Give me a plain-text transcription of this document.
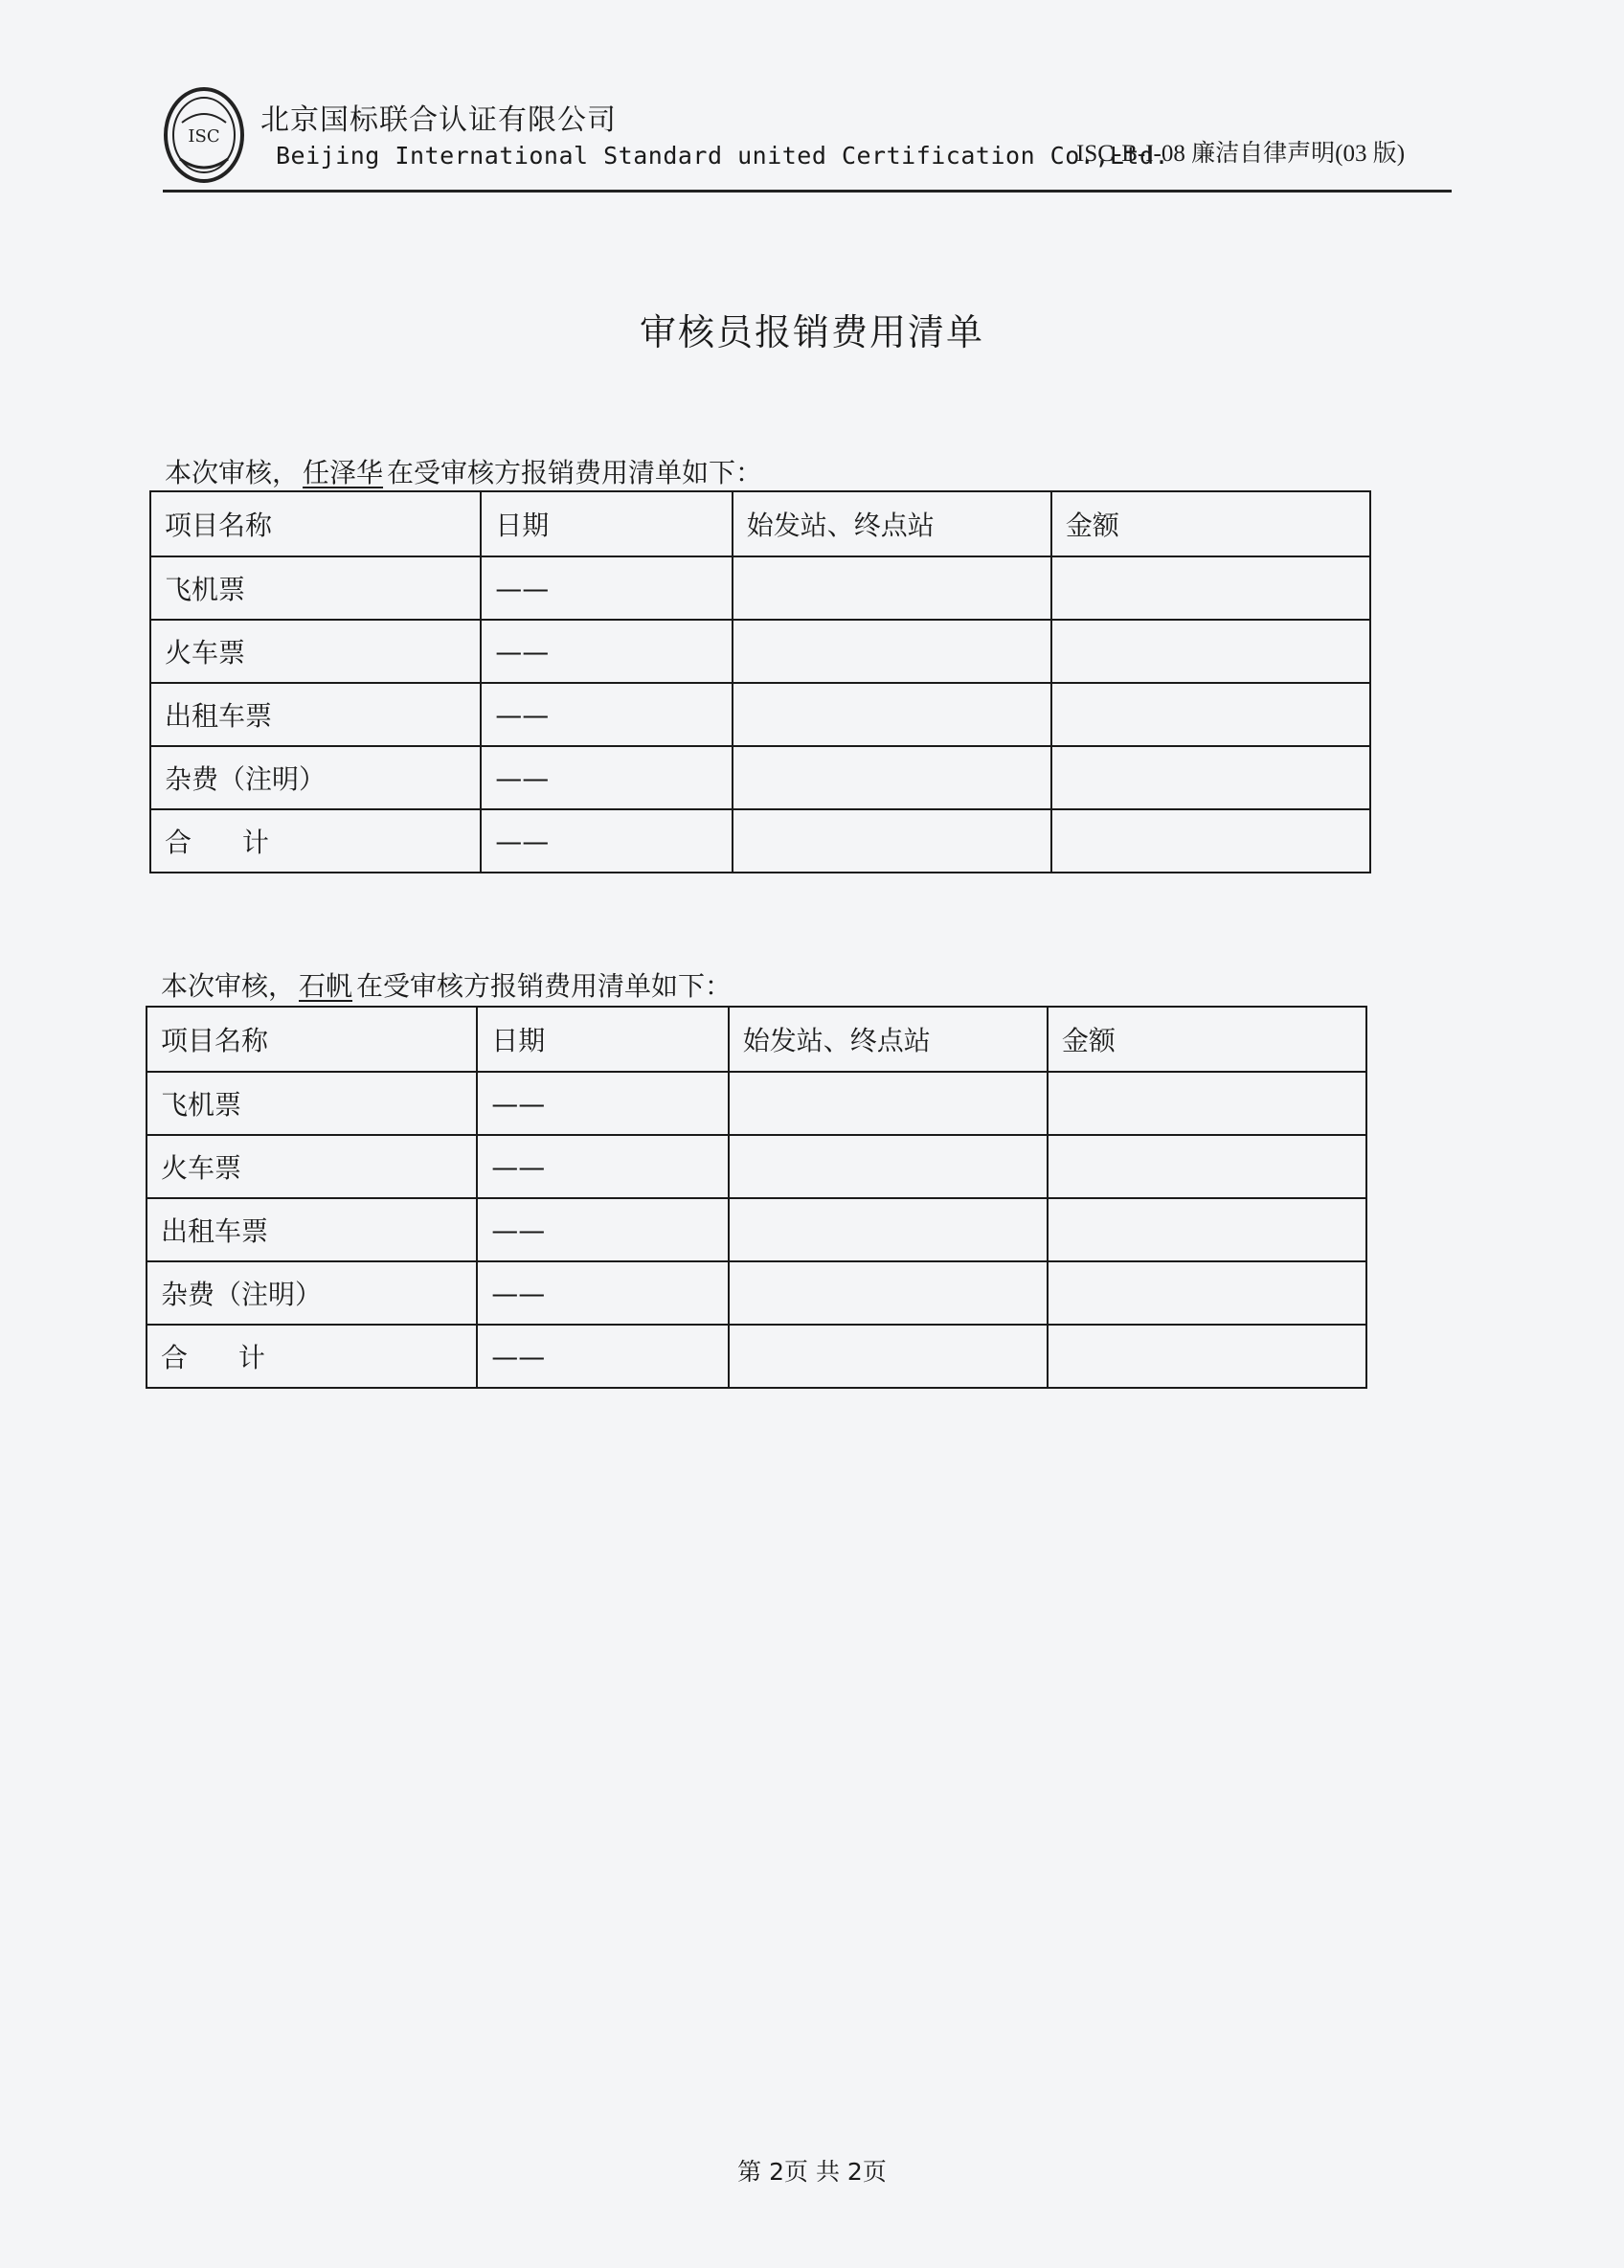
ISC 北京国标联合认证有限公司
Beijing International Standard united Certification Co.,Ltd.
ISC-B-I-08 廉洁自律声明(03 版)
审核员报销费用清单
本次审核， 任泽华 在受审核方报销费用清单如下：
项目名称	日期	始发站、终点站	金额
飞机票	——		
火车票	——		
出租车票	——		
杂费（注明）	——		
合 计	——		
本次审核， 石帆 在受审核方报销费用清单如下：
项目名称	日期	始发站、终点站	金额
飞机票	——		
火车票	——		
出租车票	——		
杂费（注明）	——		
合 计	——		
第 2页 共 2页
